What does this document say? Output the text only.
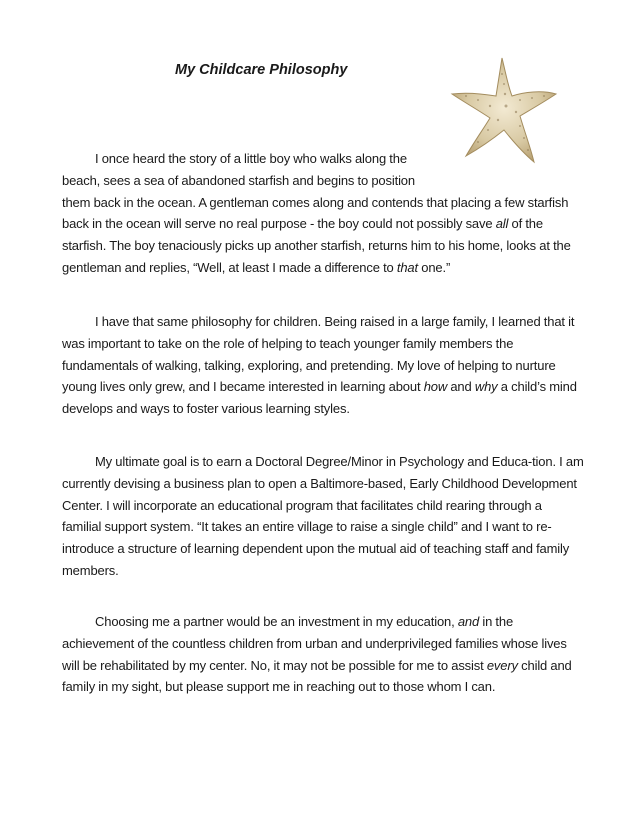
My Childcare Philosophy
I once heard the story of a little boy who walks along the
beach, sees a sea of abandoned starfish and begins to position
them back in the ocean. A gentleman comes along and contends that placing a few starfish back in the ocean will serve no real purpose - the boy could not possibly save all of the starfish. The boy tenaciously picks up another starfish, returns him to his home, looks at the gentleman and replies, “Well, at least I made a difference to that one.”
I have that same philosophy for children. Being raised in a large family, I learned that it was important to take on the role of helping to teach younger family members the fundamentals of walking, talking, exploring, and pretending. My love of helping to nurture young lives only grew, and I became interested in learning about how and why a child’s mind develops and ways to foster various learning styles.
My ultimate goal is to earn a Doctoral Degree/Minor in Psychology and Educa-tion. I am currently devising a business plan to open a Baltimore-based, Early Childhood Development Center. I will incorporate an educational program that facilitates child rearing through a familial support system. “It takes an entire village to raise a single child” and I want to re-introduce a structure of learning dependent upon the mutual aid of teaching staff and family members.
Choosing me a partner would be an investment in my education, and in the achievement of the countless children from urban and underprivileged families whose lives will be rehabilitated by my center. No, it may not be possible for me to assist every child and family in my sight, but please support me in reaching out to those whom I can.
